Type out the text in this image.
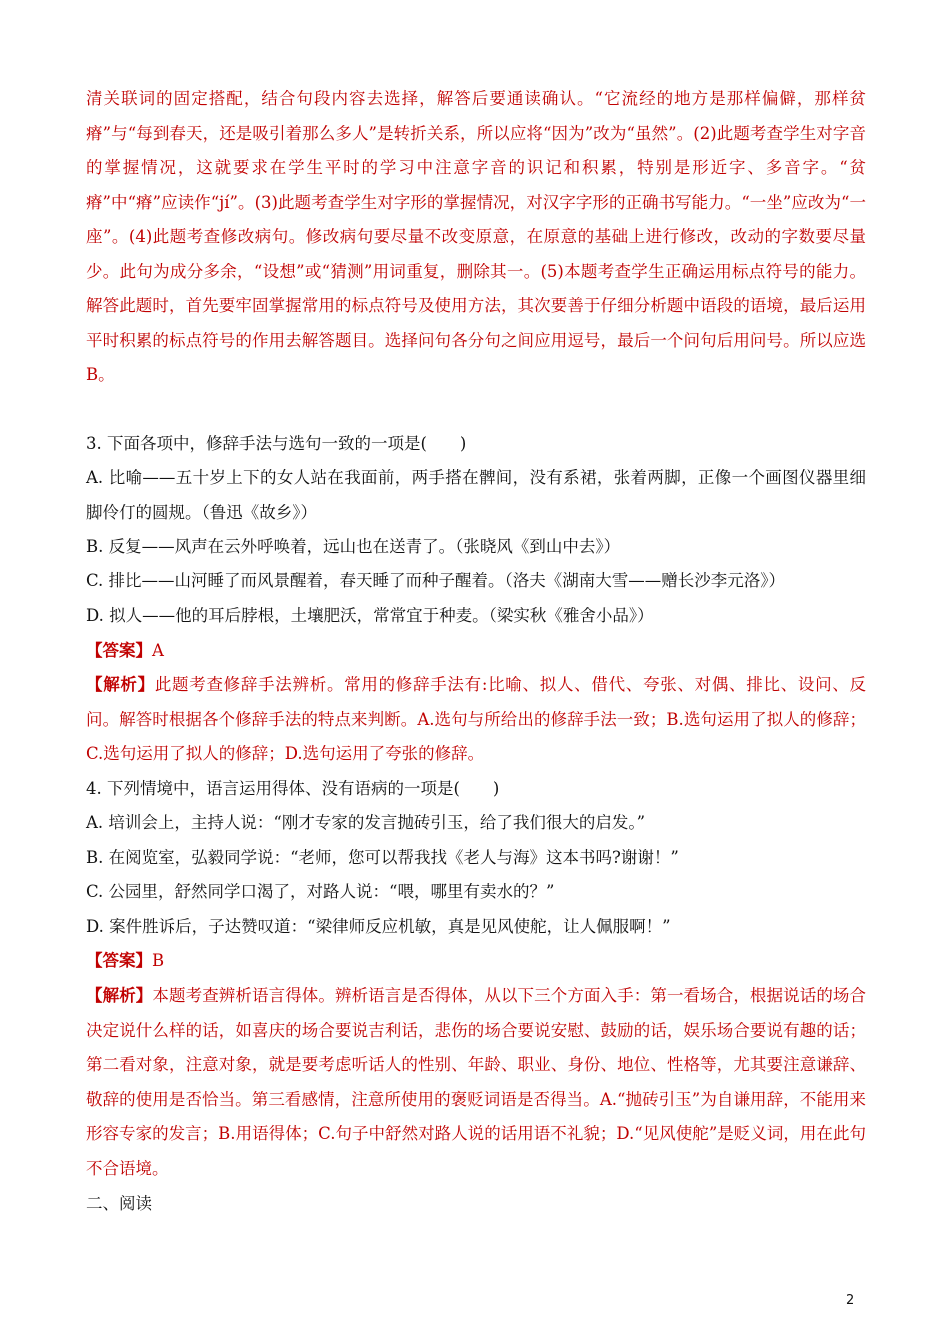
清关联词的固定搭配，结合句段内容去选择，解答后要通读确认。“它流经的地方是那样偏僻，那样贫瘠”与“每到春天，还是吸引着那么多人”是转折关系，所以应将“因为”改为“虽然”。(2)此题考查学生对字音的掌握情况，这就要求在学生平时的学习中注意字音的识记和积累，特别是形近字、多音字。“贫瘠”中“瘠”应读作“jí”。(3)此题考查学生对字形的掌握情况，对汉字字形的正确书写能力。“一坐”应改为“一座”。(4)此题考查修改病句。修改病句要尽量不改变原意，在原意的基础上进行修改，改动的字数要尽量少。此句为成分多余，“设想”或“猜测”用词重复，删除其一。(5)本题考查学生正确运用标点符号的能力。解答此题时，首先要牢固掌握常用的标点符号及使用方法，其次要善于仔细分析题中语段的语境，最后运用平时积累的标点符号的作用去解答题目。选择问句各分句之间应用逗号，最后一个问句后用问号。所以应选B。

3. 下面各项中，修辞手法与选句一致的一项是(　　)

A. 比喻——五十岁上下的女人站在我面前，两手搭在髀间，没有系裙，张着两脚，正像一个画图仪器里细脚伶仃的圆规。（鲁迅《故乡》）

B. 反复——风声在云外呼唤着，远山也在送青了。（张晓风《到山中去》）

C. 排比——山河睡了而风景醒着，春天睡了而种子醒着。（洛夫《湖南大雪——赠长沙李元洛》）

D. 拟人——他的耳后脖根，土壤肥沃，常常宜于种麦。（梁实秋《雅舍小品》）

【答案】A

【解析】此题考查修辞手法辨析。常用的修辞手法有:比喻、拟人、借代、夸张、对偶、排比、设问、反问。解答时根据各个修辞手法的特点来判断。A.选句与所给出的修辞手法一致；B.选句运用了拟人的修辞；C.选句运用了拟人的修辞；D.选句运用了夸张的修辞。

4. 下列情境中，语言运用得体、没有语病的一项是(　　)

A. 培训会上，主持人说：“刚才专家的发言抛砖引玉，给了我们很大的启发。”

B. 在阅览室，弘毅同学说：“老师，您可以帮我找《老人与海》这本书吗?谢谢！”

C. 公园里，舒然同学口渴了，对路人说：“喂，哪里有卖水的？”

D. 案件胜诉后，子达赞叹道：“梁律师反应机敏，真是见风使舵，让人佩服啊！”

【答案】B

【解析】本题考查辨析语言得体。辨析语言是否得体，从以下三个方面入手：第一看场合，根据说话的场合决定说什么样的话，如喜庆的场合要说吉利话，悲伤的场合要说安慰、鼓励的话，娱乐场合要说有趣的话；第二看对象，注意对象，就是要考虑听话人的性别、年龄、职业、身份、地位、性格等，尤其要注意谦辞、敬辞的使用是否恰当。第三看感情，注意所使用的褒贬词语是否得当。A.“抛砖引玉”为自谦用辞，不能用来形容专家的发言；B.用语得体；C.句子中舒然对路人说的话用语不礼貌；D.“见风使舵”是贬义词，用在此句不合语境。

二、阅读

2
